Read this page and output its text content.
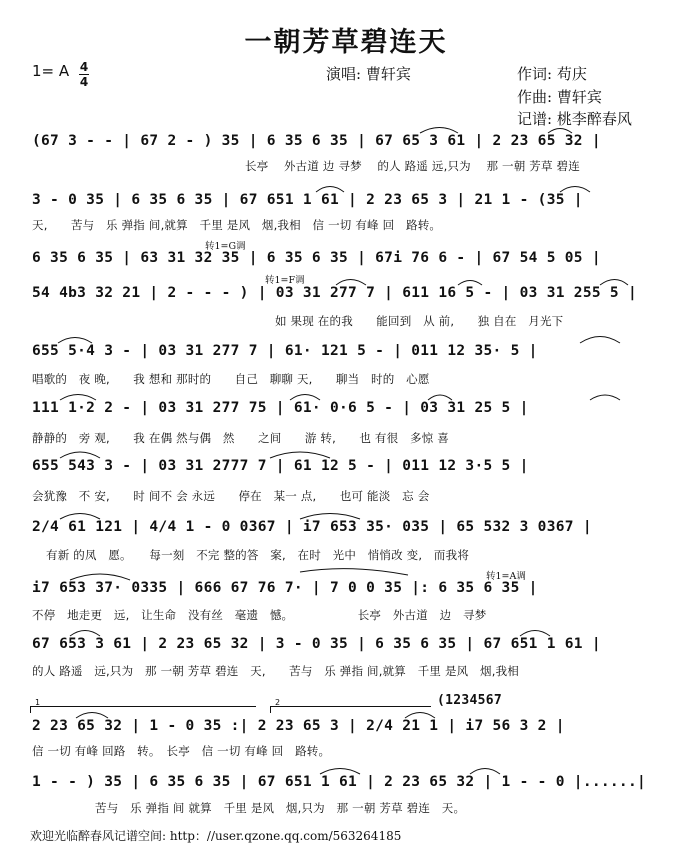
一朝芳草碧连天
1= A 4
4	演唱: 曹轩宾	作词: 苟庆
作曲: 曹轩宾
记谱: 桃李醉春风
(67 3 - - | 67 2 - ) 35 | 6 35 6 35 | 67 65 3 61 | 2 23 65 32 |
长亭　 外古道 边 寻梦　 的人 路遥 远,只为　 那 一朝 芳草 碧连
3 - 0 35 | 6 35 6 35 | 67 651 1 61 | 2 23 65 3 | 21 1 - (35 |
天,　　苦与　乐 弹指 间,就算　千里 是风　烟,我相　信 一切 有峰 回　路转。
转1=G调
6 35 6 35 | 63 31 32 35 | 6 35 6 35 | 67i 76 6 - | 67 54 5 05 |
转1=F调
54 4b3 32 21 | 2 - - - ) | 03 31 277 7 | 611 16 5 - | 03 31 255 5 |
如 果现 在的我　　能回到　从 前,　　独 自在　月光下
655 5·4 3 - | 03 31 277 7 | 61· 121 5 - | 011 12 35· 5 |
唱歌的　夜 晚,　　我 想和 那时的　　自己　聊聊 天,　　聊当　时的　心愿
111 1·2 2 - | 03 31 277 75 | 61· 0·6 5 - | 03 31 25 5 |
静静的　旁 观,　　我 在偶 然与偶　然　　之间　　游 转,　　也 有很　多惊 喜
655 543 3 - | 03 31 2777 7 | 61 12 5 - | 011 12 3·5 5 |
会犹豫　不 安,　　时 间不 会 永远　　停在　某一 点,　　也可 能淡　忘 会
2/4 61 121 | 4/4 1 - 0 0367 | i7 653 35· 035 | 65 532 3 0367 |
有新 的凤　愿。　　每一刻　不完 整的答　案,　在时　光中　悄悄改 变,　而我将
转1=A调
i7 653 37· 0335 | 666 67 76 7· | 7 0 0 35 |: 6 35 6 35 |
不停　地走更　远,　让生命　没有丝　毫遗　憾。　　　　　　长亭　外古道　边　寻梦
67 653 3 61 | 2 23 65 32 | 3 - 0 35 | 6 35 6 35 | 67 651 1 61 |
的人 路遥　远,只为　那 一朝 芳草 碧连　天,　　苦与　乐 弹指 间,就算　千里 是风　烟,我相
1	2	(1234567
2 23 65 32 | 1 - 0 35 :| 2 23 65 3 | 2/4 21 1 | i7 56 3 2 |
信 一切 有峰 回路　转。　长亭　信 一切 有峰 回　路转。
1 - - ) 35 | 6 35 6 35 | 67 651 1 61 | 2 23 65 32 | 1 - - 0 |......|
苦与　乐 弹指 间 就算　千里 是风　烟,只为　那 一朝 芳草 碧连　天。
欢迎光临醉春风记谱空间: http：//user.qzone.qq.com/563264185
